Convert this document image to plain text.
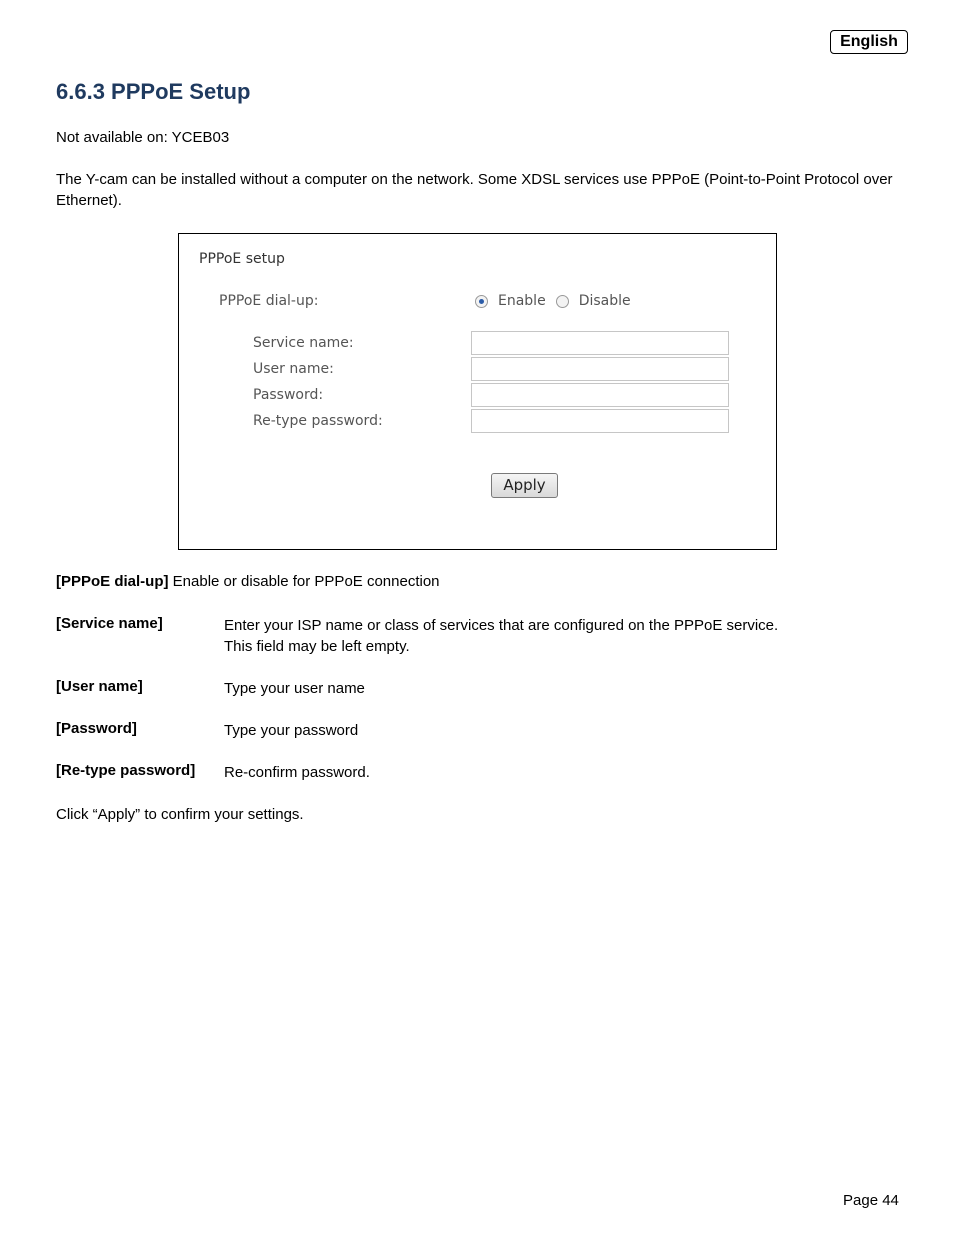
English
6.6.3 PPPoE Setup

Not available on: YCEB03

The Y-cam can be installed without a computer on the network. Some XDSL services use PPPoE (Point-to-Point Protocol over Ethernet).

PPPoE setup
PPPoE dial-up:	Enable Disable
Service name:
User name:
Password:
Re-type password:
Apply
[PPPoE dial-up] Enable or disable for PPPoE connection
[Service name]	Enter your ISP name or class of services that are configured on the PPPoE service.
This field may be left empty.
[User name]	Type your user name
[Password]	Type your password
[Re-type password] Re-confirm password.

Click “Apply” to confirm your settings.

Page 44
